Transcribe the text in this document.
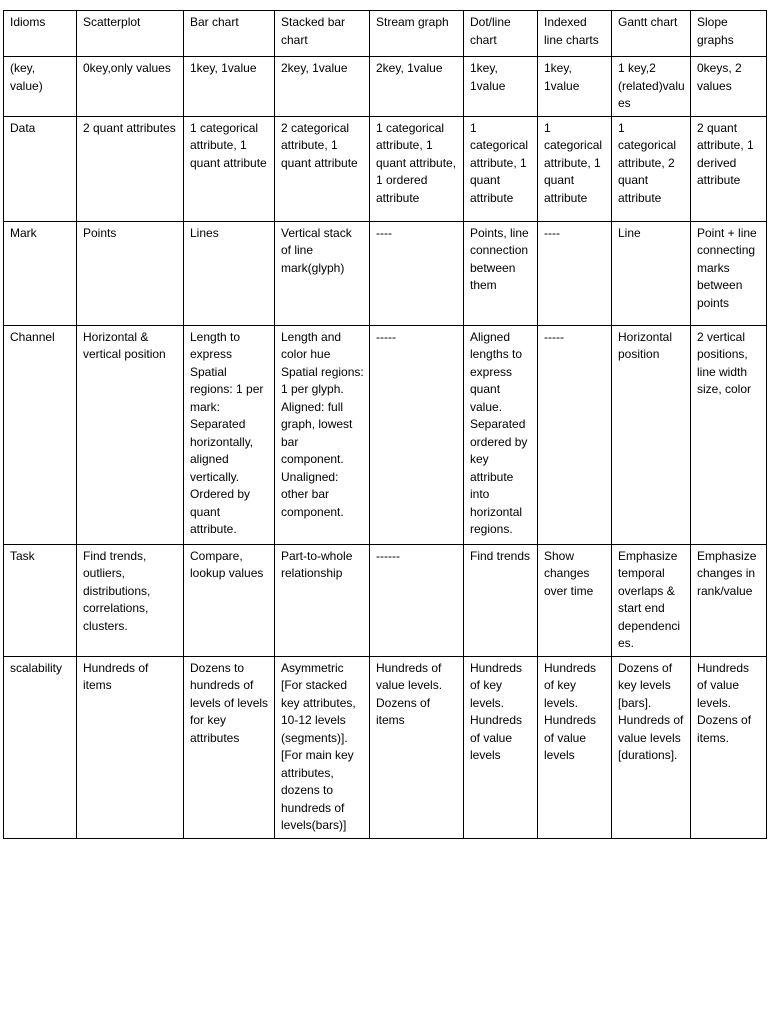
Idioms	Scatterplot	Bar chart	Stacked bar chart	Stream graph	Dot/line chart	Indexed line charts	Gantt chart	Slope graphs
(key, value)	0key,only values	1key, 1value	2key, 1value	2key, 1value	1key, 1value	1key, 1value	1 key,2 (related)values	0keys, 2 values
Data	2 quant attributes	1 categorical attribute, 1 quant attribute	2 categorical attribute, 1 quant attribute	1 categorical attribute, 1 quant attribute, 1 ordered attribute	1 categorical attribute, 1 quant attribute	1 categorical attribute, 1 quant attribute	1 categorical attribute, 2 quant attribute	2 quant attribute, 1 derived attribute
Mark	Points	Lines	Vertical stack of line mark(glyph)	----	Points, line connection between them	----	Line	Point + line connecting marks between points
Channel	Horizontal & vertical position	Length to express Spatial regions: 1 per mark: Separated horizontally, aligned vertically. Ordered by quant attribute.	Length and color hue
Spatial regions: 1 per glyph.
Aligned: full graph, lowest bar component.
Unaligned: other bar component.	-----	Aligned lengths to express quant value. Separated ordered by key attribute into horizontal regions.	-----	Horizontal position	2 vertical positions, line width size, color
Task	Find trends, outliers, distributions, correlations, clusters.	Compare, lookup values	Part-to-whole relationship	------	Find trends	Show changes over time	Emphasize temporal overlaps & start end dependencies.	Emphasize changes in rank/value
scalability	Hundreds of items	Dozens to hundreds of levels of levels for key attributes	Asymmetric [For stacked key attributes, 10-12 levels (segments)]. [For main key attributes, dozens to hundreds of levels(bars)]	Hundreds of value levels. Dozens of items	Hundreds of key levels. Hundreds of value levels	Hundreds of key levels. Hundreds of value levels	Dozens of key levels [bars]. Hundreds of value levels [durations].	Hundreds of value levels. Dozens of items.
